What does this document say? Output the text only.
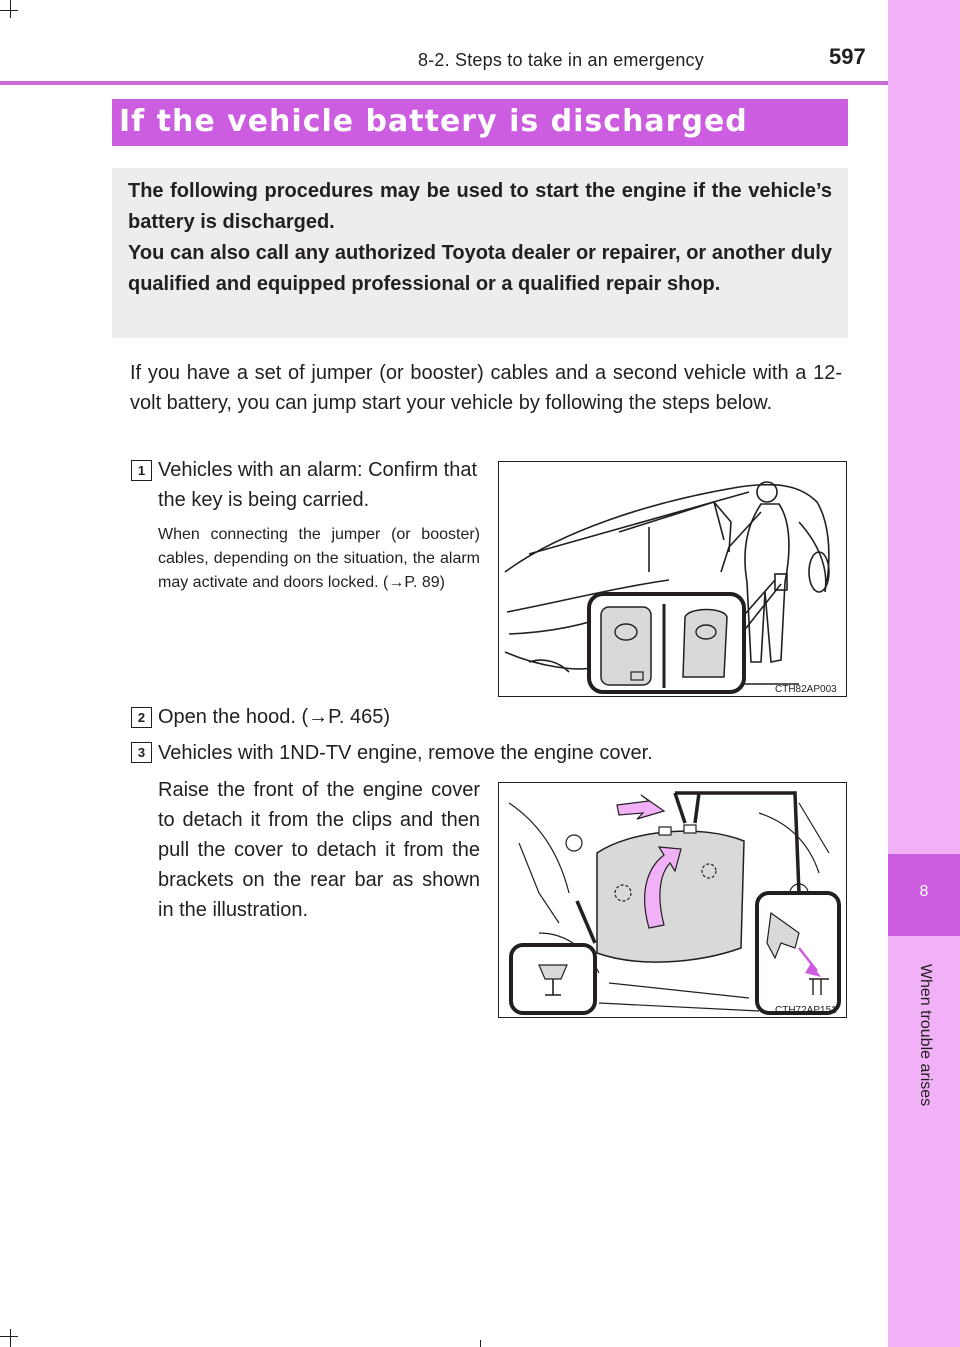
8-2. Steps to take in an emergency	597
8
When trouble arises
If the vehicle battery is discharged

The following procedures may be used to start the engine if the vehicle’s battery is discharged.

You can also call any authorized Toyota dealer or repairer, or another duly qualified and equipped professional or a qualified repair shop.

If you have a set of jumper (or booster) cables and a second vehicle with a 12-volt battery, you can jump start your vehicle by following the steps below.
1 Vehicles with an alarm: Confirm that the key is being carried.
When connecting the jumper (or booster) cables, depending on the situation, the alarm may activate and doors locked. (→P. 89)
CTH82AP003
2 Open the hood. (→P. 465)
3 Vehicles with 1ND-TV engine, remove the engine cover.
Raise the front of the engine cover to detach it from the clips and then pull the cover to detach it from the brackets on the rear bar as shown in the illustration.
CTH72AP151
